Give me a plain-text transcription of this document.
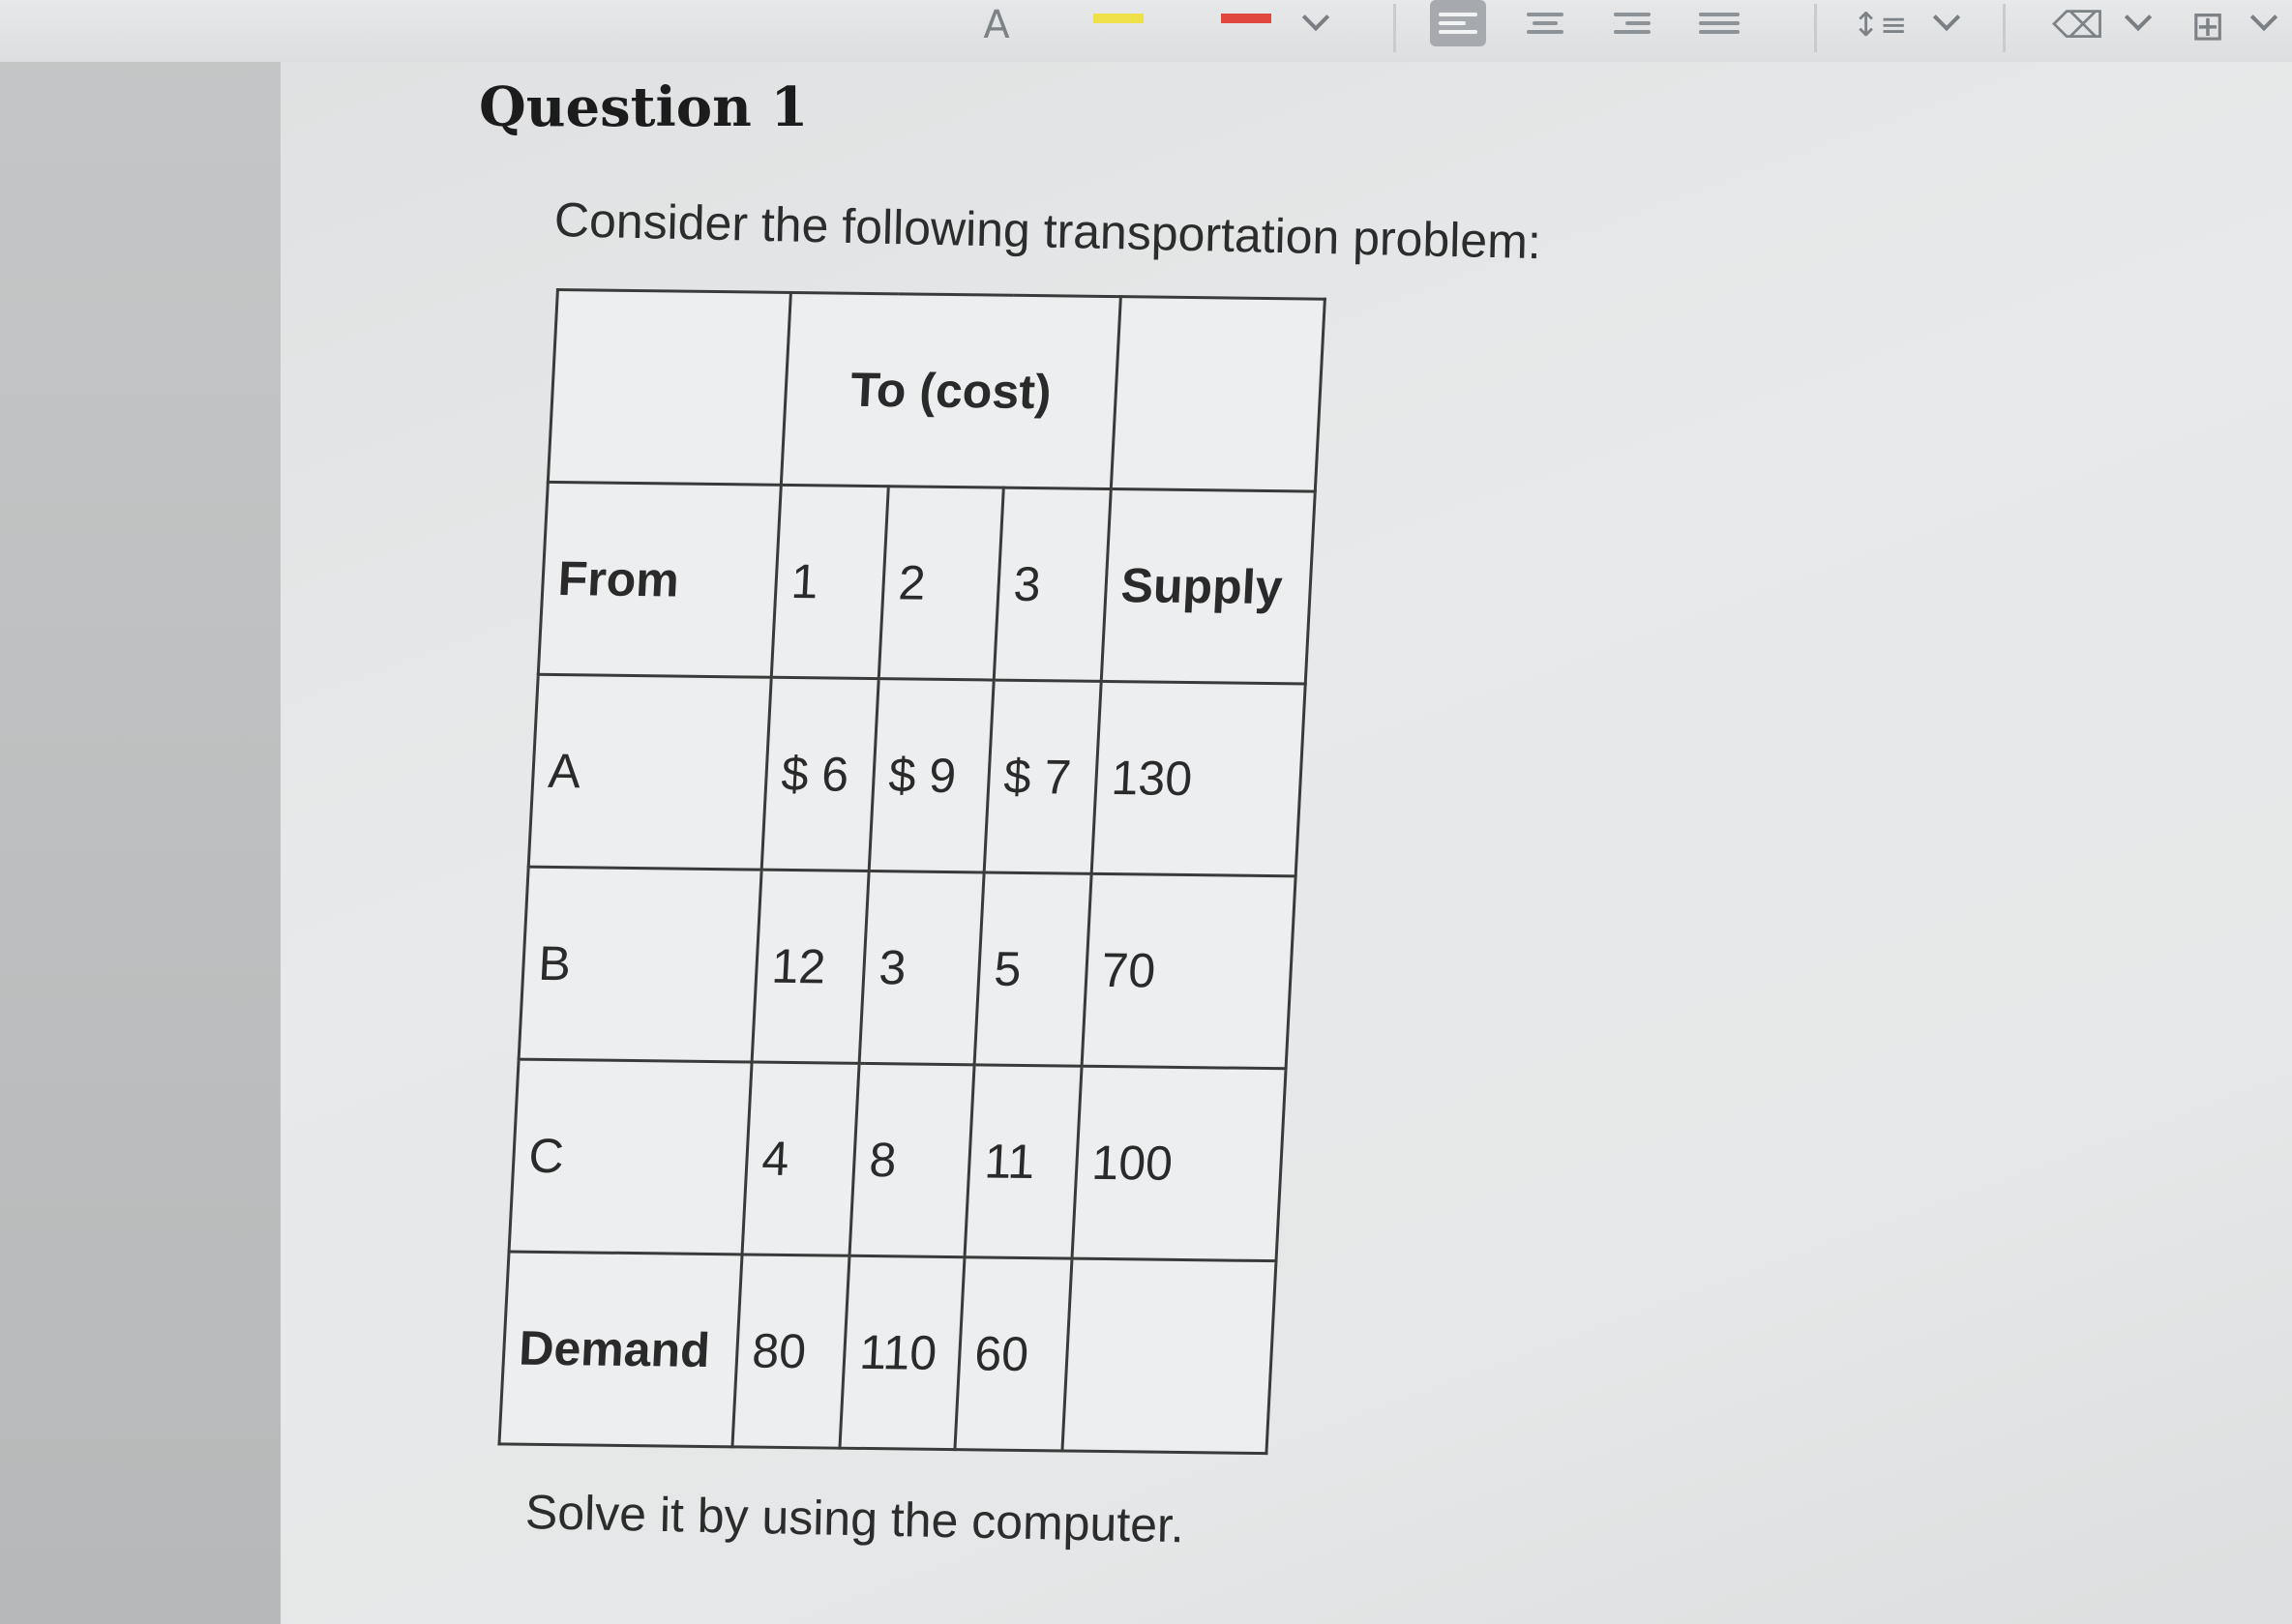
A	↕≡	⌫ ⊞
Question 1
Consider the following transportation problem:
	To (cost)			
From	1	2	3	Supply
A	$ 6	$ 9	$ 7	130
B	12	3	5	70
C	4	8	11	100
Demand	80	110	60	
Solve it by using the computer.
